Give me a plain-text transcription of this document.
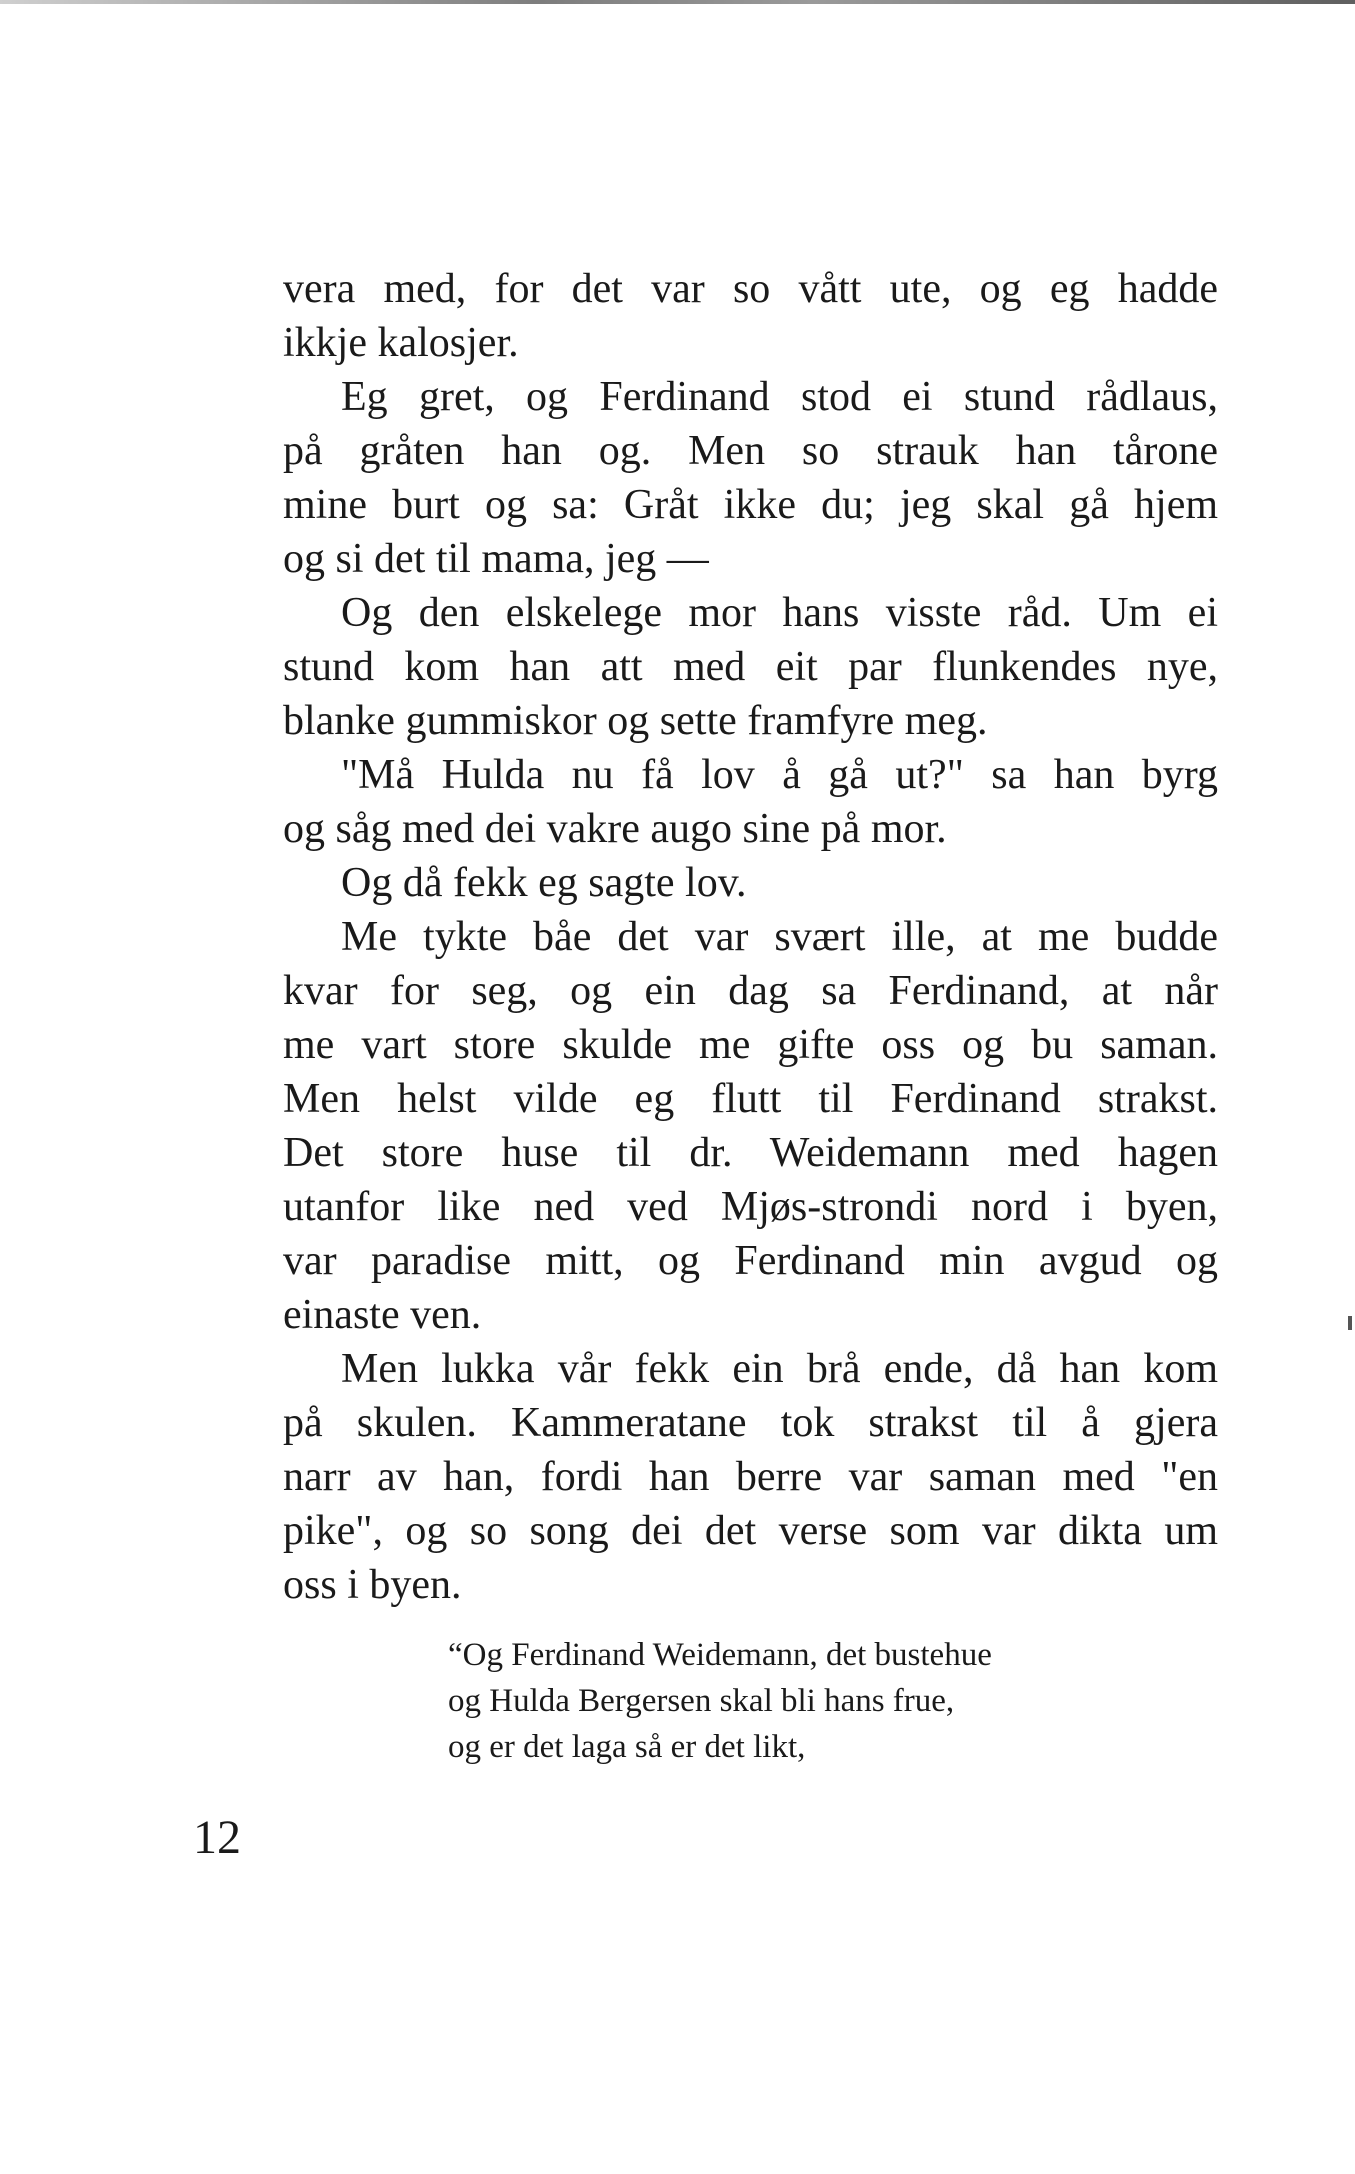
vera med, for det var so vått ute, og eg hadde
ikkje kalosjer.
Eg gret, og Ferdinand stod ei stund rådlaus,
på gråten han og. Men so strauk han tårone
mine burt og sa: Gråt ikke du; jeg skal gå hjem
og si det til mama, jeg —
Og den elskelege mor hans visste råd. Um ei
stund kom han att med eit par flunkendes nye,
blanke gummiskor og sette framfyre meg.
"Må Hulda nu få lov å gå ut?" sa han byrg
og såg med dei vakre augo sine på mor.
Og då fekk eg sagte lov.
Me tykte båe det var svært ille, at me budde
kvar for seg, og ein dag sa Ferdinand, at når
me vart store skulde me gifte oss og bu saman.
Men helst vilde eg flutt til Ferdinand strakst.
Det store huse til dr. Weidemann med hagen
utanfor like ned ved Mjøs-strondi nord i byen,
var paradise mitt, og Ferdinand min avgud og
einaste ven.
Men lukka vår fekk ein brå ende, då han kom
på skulen. Kammeratane tok strakst til å gjera
narr av han, fordi han berre var saman med "en
pike", og so song dei det verse som var dikta um
oss i byen.
“Og Ferdinand Weidemann, det bustehue
og Hulda Bergersen skal bli hans frue,
og er det laga så er det likt,
12
